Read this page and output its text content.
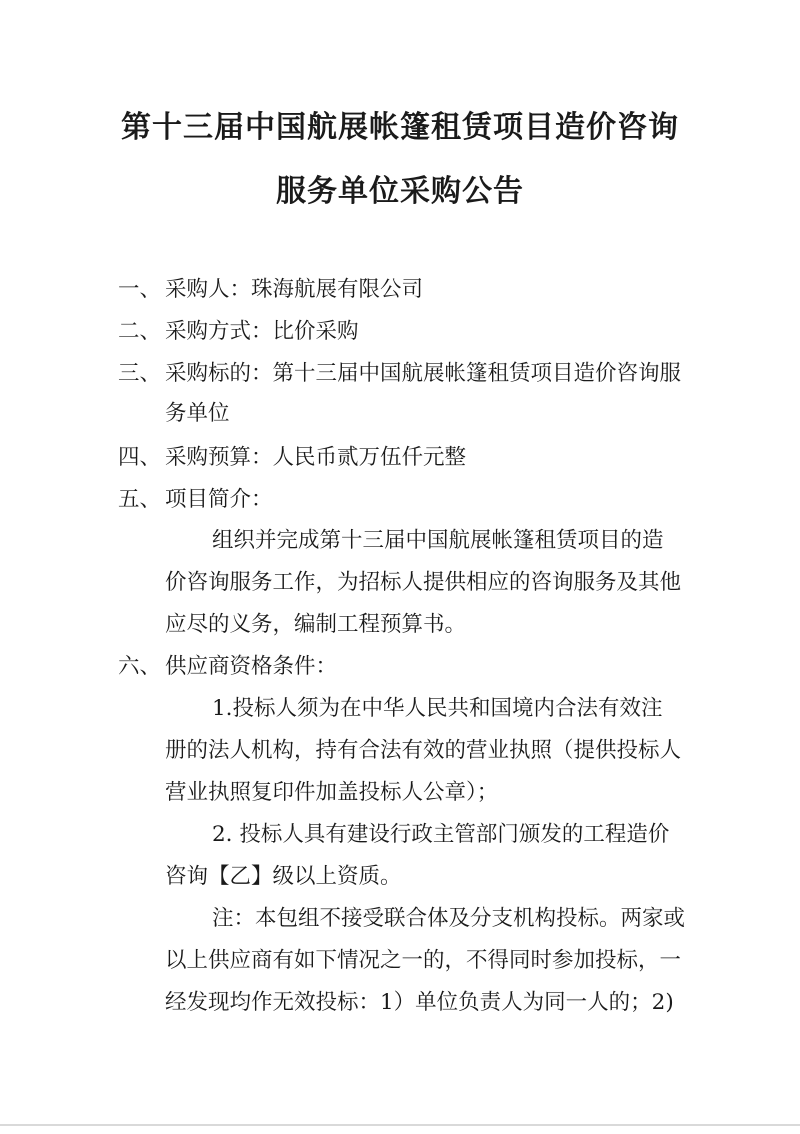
第十三届中国航展帐篷租赁项目造价咨询
服务单位采购公告
一、 采购人：珠海航展有限公司
二、 采购方式：比价采购
三、 采购标的：第十三届中国航展帐篷租赁项目造价咨询服
务单位
四、 采购预算：人民币贰万伍仟元整
五、 项目简介：
组织并完成第十三届中国航展帐篷租赁项目的造
价咨询服务工作，为招标人提供相应的咨询服务及其他
应尽的义务，编制工程预算书。
六、 供应商资格条件：
1.投标人须为在中华人民共和国境内合法有效注
册的法人机构，持有合法有效的营业执照（提供投标人
营业执照复印件加盖投标人公章）；
2. 投标人具有建设行政主管部门颁发的工程造价
咨询【乙】级以上资质。
注：本包组不接受联合体及分支机构投标。两家或
以上供应商有如下情况之一的，不得同时参加投标，一
经发现均作无效投标：1）单位负责人为同一人的；2)
